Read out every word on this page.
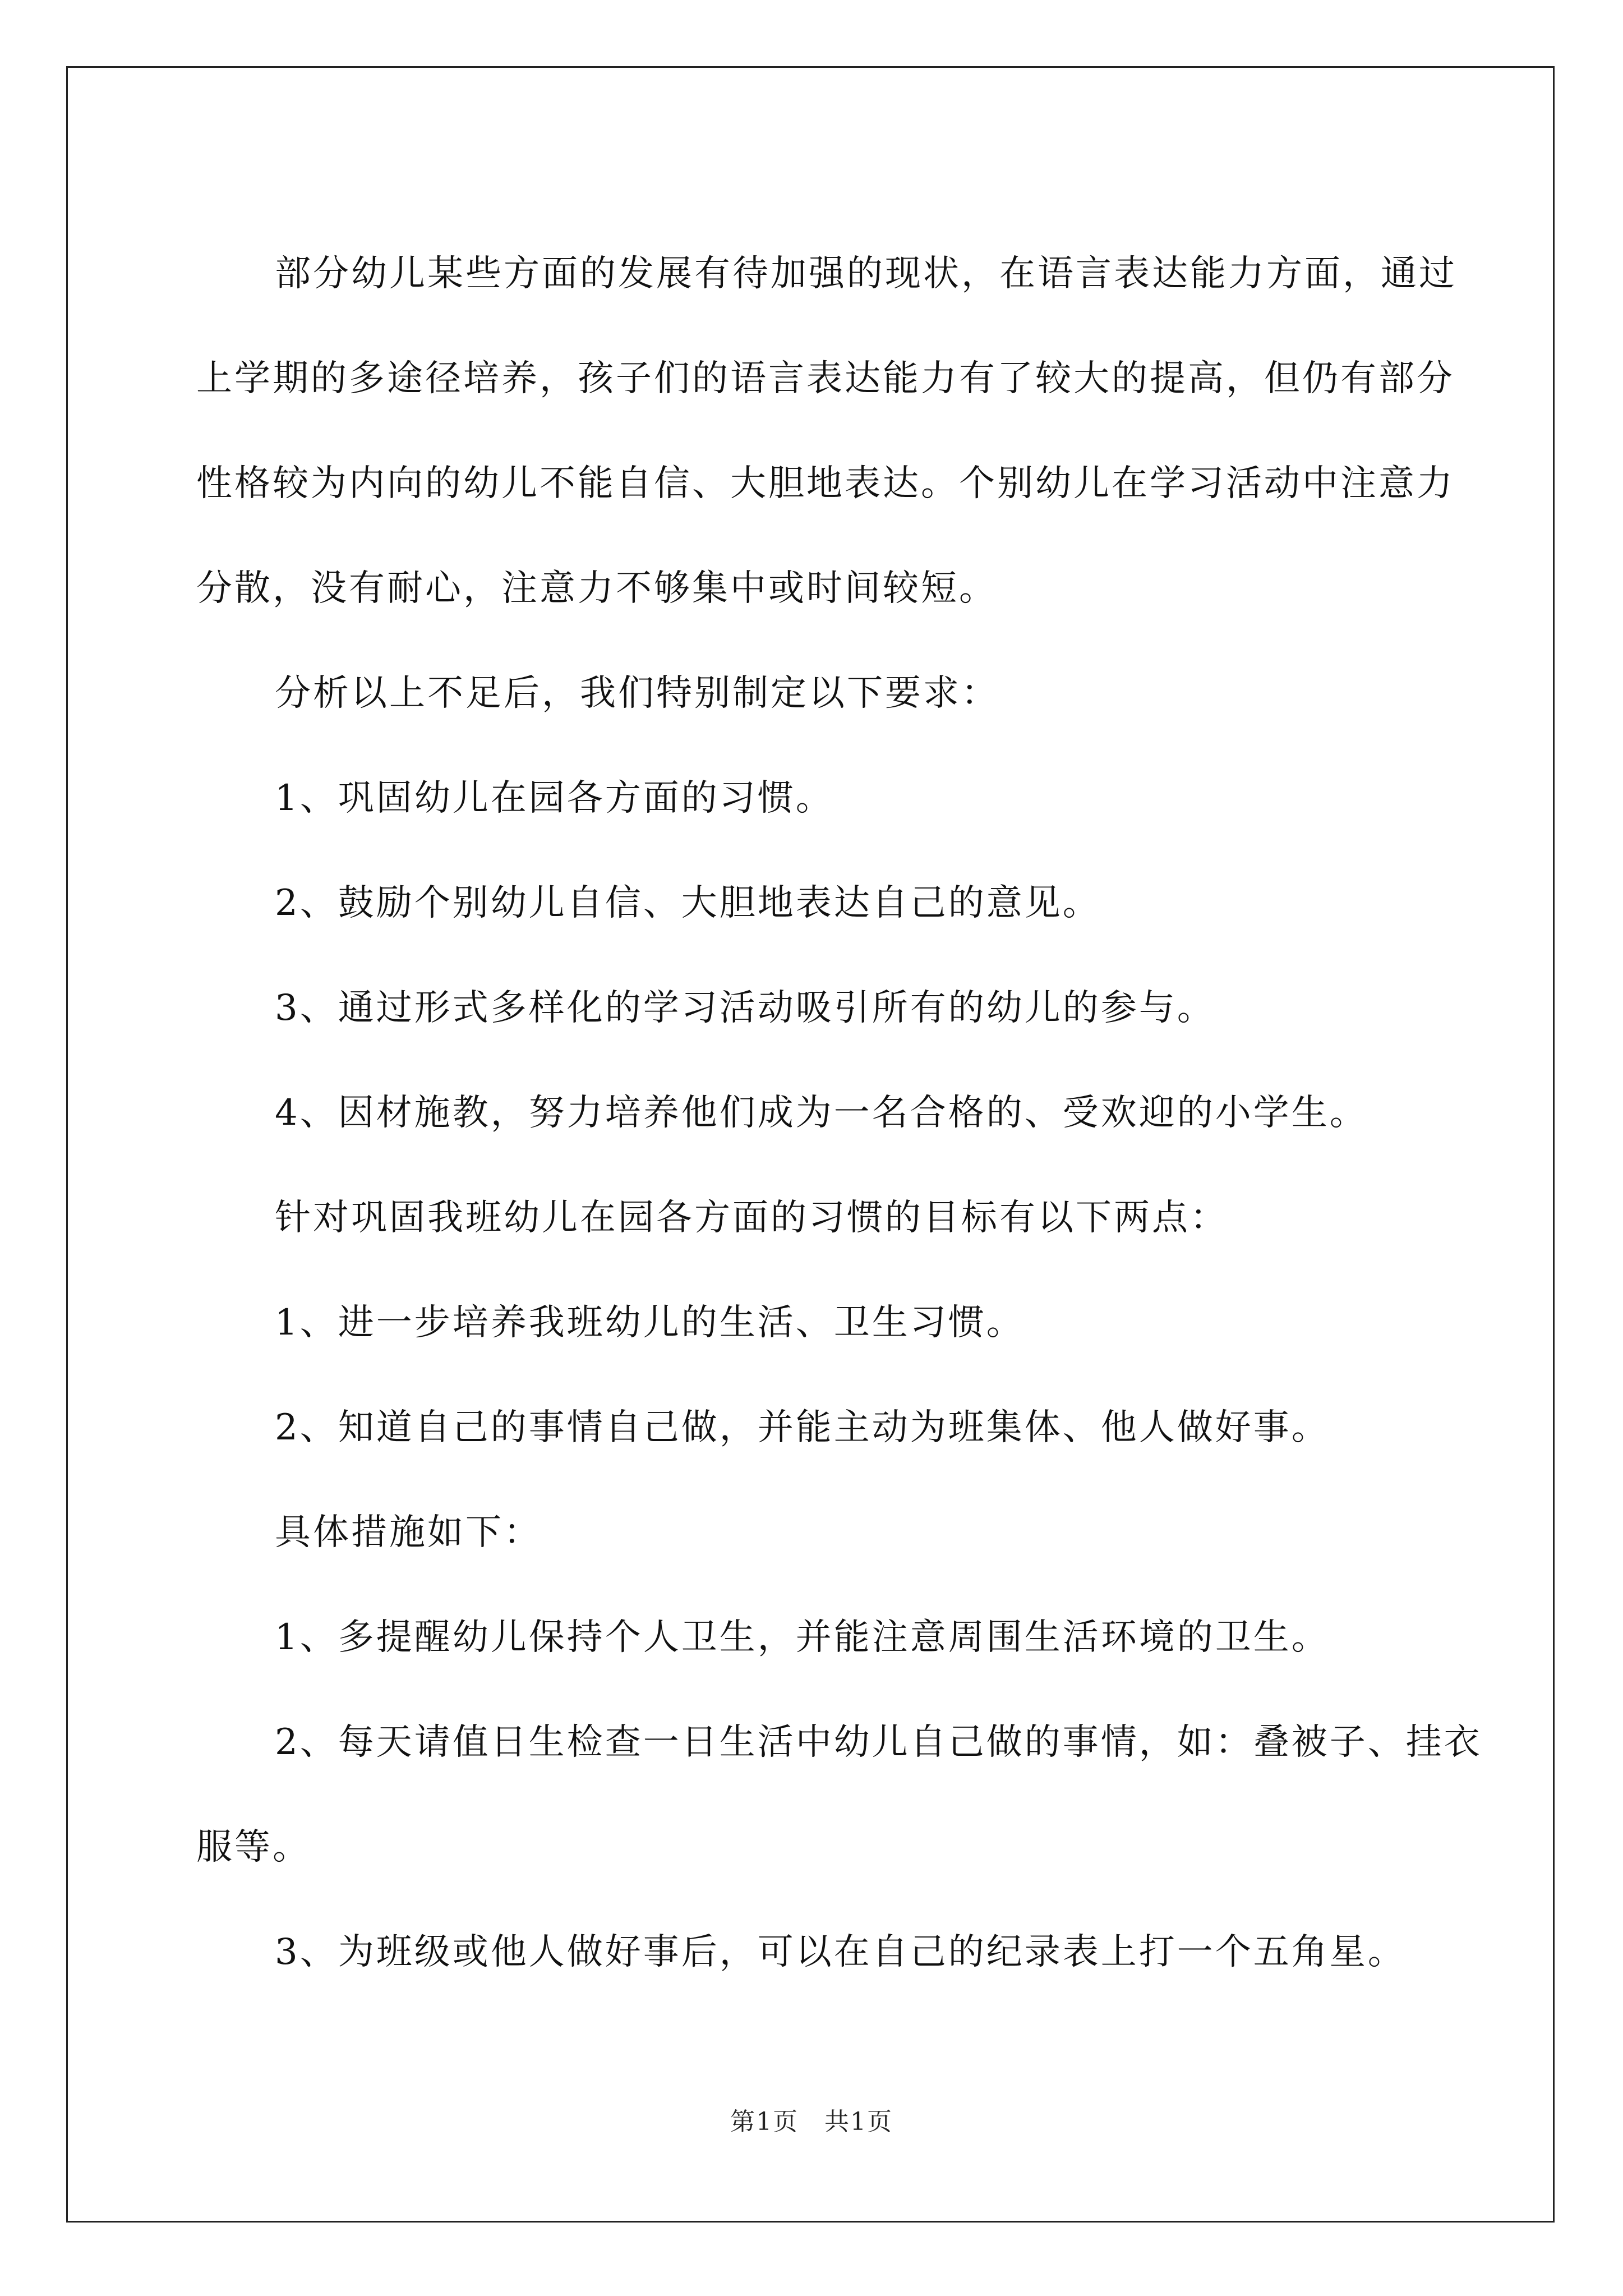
部分幼儿某些方面的发展有待加强的现状，在语言表达能力方面，通过上学期的多途径培养，孩子们的语言表达能力有了较大的提高，但仍有部分性格较为内向的幼儿不能自信、大胆地表达。个别幼儿在学习活动中注意力分散，没有耐心，注意力不够集中或时间较短。

分析以上不足后，我们特别制定以下要求：

1、巩固幼儿在园各方面的习惯。

2、鼓励个别幼儿自信、大胆地表达自己的意见。

3、通过形式多样化的学习活动吸引所有的幼儿的参与。

4、因材施教，努力培养他们成为一名合格的、受欢迎的小学生。

针对巩固我班幼儿在园各方面的习惯的目标有以下两点：

1、进一步培养我班幼儿的生活、卫生习惯。

2、知道自己的事情自己做，并能主动为班集体、他人做好事。

具体措施如下：

1、多提醒幼儿保持个人卫生，并能注意周围生活环境的卫生。

2、每天请值日生检查一日生活中幼儿自己做的事情，如：叠被子、挂衣服等。

3、为班级或他人做好事后，可以在自己的纪录表上打一个五角星。

第1页　共1页
